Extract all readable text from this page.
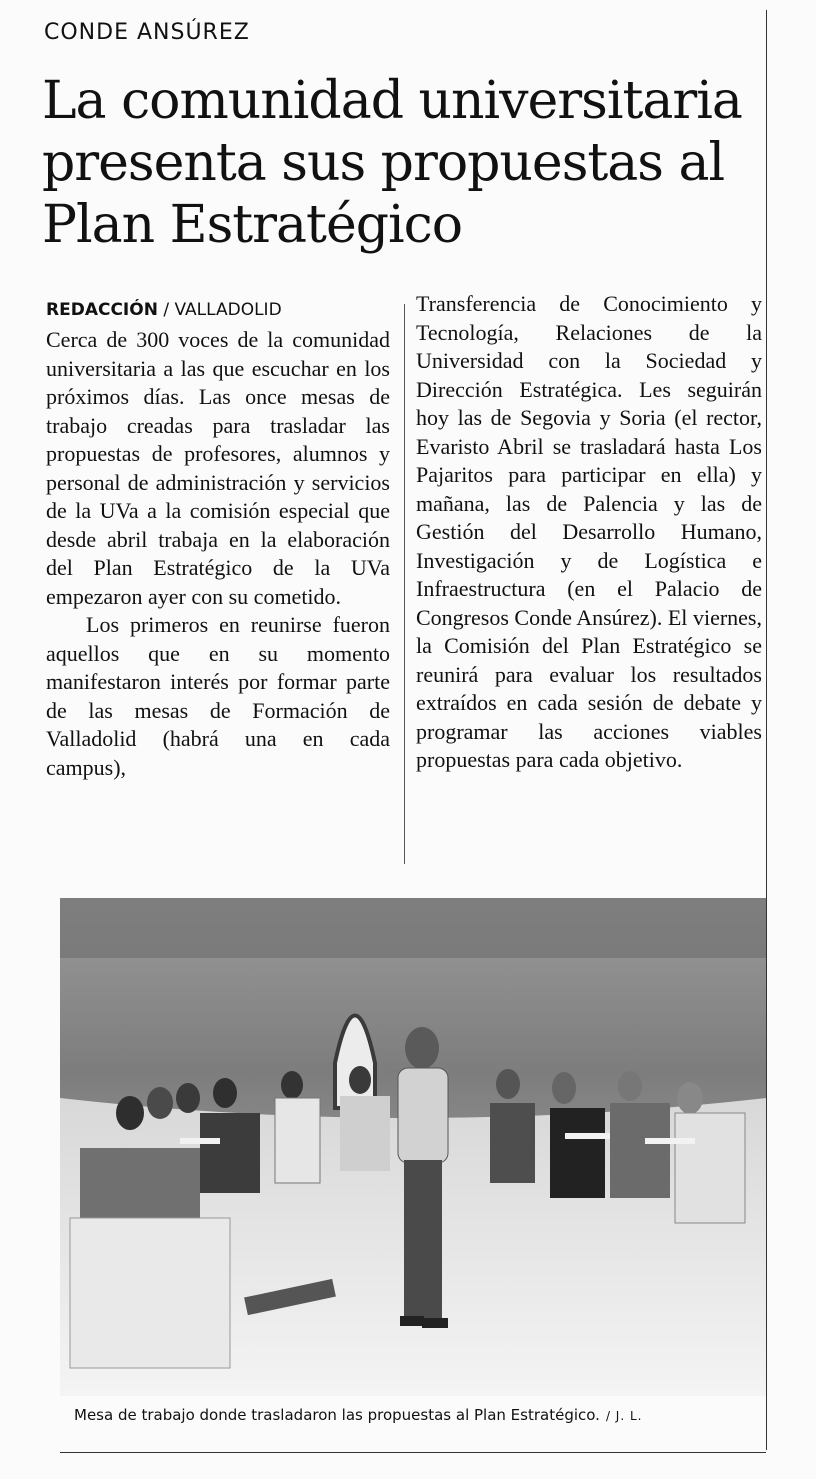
CONDE ANSÚREZ
La comunidad universitaria presenta sus propuestas al Plan Estratégico
REDACCIÓN / VALLADOLID

Cerca de 300 voces de la comunidad universitaria a las que escuchar en los próximos días. Las once mesas de trabajo creadas para trasladar las propuestas de profesores, alumnos y personal de administración y servicios de la UVa a la comisión especial que desde abril trabaja en la elaboración del Plan Estratégico de la UVa empezaron ayer con su cometido.

Los primeros en reunirse fueron aquellos que en su momento manifestaron interés por formar parte de las mesas de Formación de Valladolid (habrá una en cada campus),

Transferencia de Conocimiento y Tecnología, Relaciones de la Universidad con la Sociedad y Dirección Estratégica. Les seguirán hoy las de Segovia y Soria (el rector, Evaristo Abril se trasladará hasta Los Pajaritos para participar en ella) y mañana, las de Palencia y las de Gestión del Desarrollo Humano, Investigación y de Logística e Infraestructura (en el Palacio de Congresos Conde Ansúrez). El viernes, la Comisión del Plan Estratégico se reunirá para evaluar los resultados extraídos en cada sesión de debate y programar las acciones viables propuestas para cada objetivo.

Mesa de trabajo donde trasladaron las propuestas al Plan Estratégico. / J. L.
